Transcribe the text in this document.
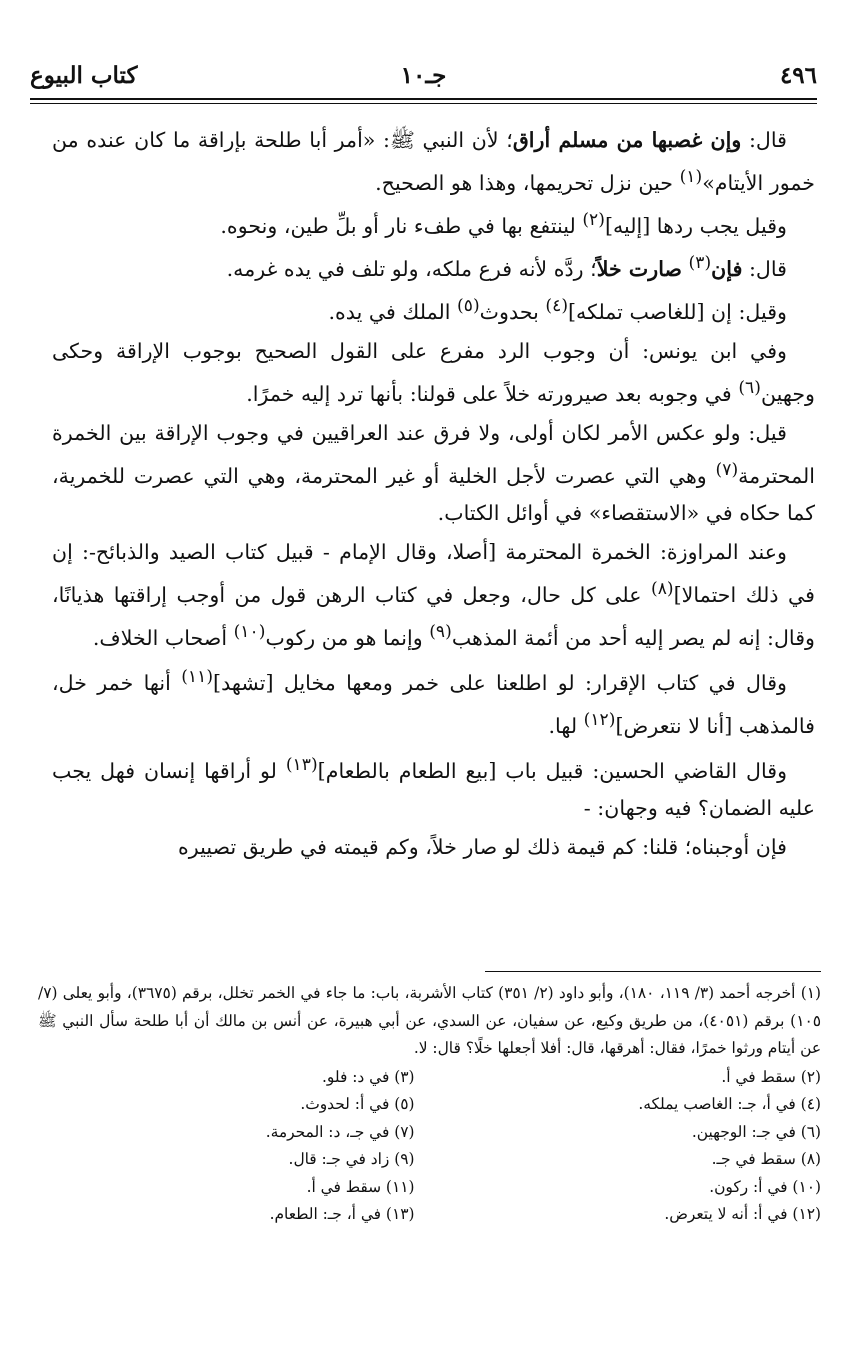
٤٩٦
جـ١٠
كتاب البيوع

قال: وإن غصبها من مسلم أراق؛ لأن النبي ﷺ: «أمر أبا طلحة بإراقة ما كان عنده من خمور الأيتام»$^{(١)}$ حين نزل تحريمها، وهذا هو الصحيح.

وقيل يجب ردها [إليه]$^{(٢)}$ لينتفع بها في طفء نار أو بلِّ طين، ونحوه.

قال: فإن$^{(٣)}$ صارت خلاً؛ ردَّه لأنه فرع ملكه، ولو تلف في يده غرمه.

وقيل: إن [للغاصب تملكه]$^{(٤)}$ بحدوث$^{(٥)}$ الملك في يده.

وفي ابن يونس: أن وجوب الرد مفرع على القول الصحيح بوجوب الإراقة وحكى وجهين$^{(٦)}$ في وجوبه بعد صيرورته خلاً على قولنا: بأنها ترد إليه خمرًا.

قيل: ولو عكس الأمر لكان أولى، ولا فرق عند العراقيين في وجوب الإراقة بين الخمرة المحترمة$^{(٧)}$ وهي التي عصرت لأجل الخلية أو غير المحترمة، وهي التي عصرت للخمرية، كما حكاه في «الاستقصاء» في أوائل الكتاب.

وعند المراوزة: الخمرة المحترمة [أصلا، وقال الإمام - قبيل كتاب الصيد والذبائح-: إن في ذلك احتمالا]$^{(٨)}$ على كل حال، وجعل في كتاب الرهن قول من أوجب إراقتها هذيانًا، وقال: إنه لم يصر إليه أحد من أئمة المذهب$^{(٩)}$ وإنما هو من ركوب$^{(١٠)}$ أصحاب الخلاف.

وقال في كتاب الإقرار: لو اطلعنا على خمر ومعها مخايل [تشهد]$^{(١١)}$ أنها خمر خل، فالمذهب [أنا لا نتعرض]$^{(١٢)}$ لها.

وقال القاضي الحسين: قبيل باب [بيع الطعام بالطعام]$^{(١٣)}$ لو أراقها إنسان فهل يجب عليه الضمان؟ فيه وجهان: -

فإن أوجبناه؛ قلنا: كم قيمة ذلك لو صار خلاً، وكم قيمته في طريق تصييره

(١) أخرجه أحمد (٣/ ١١٩، ١٨٠)، وأبو داود (٢/ ٣٥١) كتاب الأشربة، باب: ما جاء في الخمر تخلل، برقم (٣٦٧٥)، وأبو يعلى (٧/ ١٠٥) برقم (٤٠٥١)، من طريق وكيع، عن سفيان، عن السدي، عن أبي هبيرة، عن أنس بن مالك أن أبا طلحة سأل النبي ﷺ عن أيتام ورثوا خمرًا، فقال: أهرقها، قال: أفلا أجعلها خلًا؟ قال: لا.

(٢) سقط في أ.
(٣) في د: فلو.
(٤) في أ، جـ: الغاصب يملكه.
(٥) في أ: لحدوث.
(٦) في جـ: الوجهين.
(٧) في جـ، د: المحرمة.
(٨) سقط في جـ.
(٩) زاد في جـ: قال.
(١٠) في أ: ركون.
(١١) سقط في أ.
(١٢) في أ: أنه لا يتعرض.
(١٣) في أ، جـ: الطعام.
